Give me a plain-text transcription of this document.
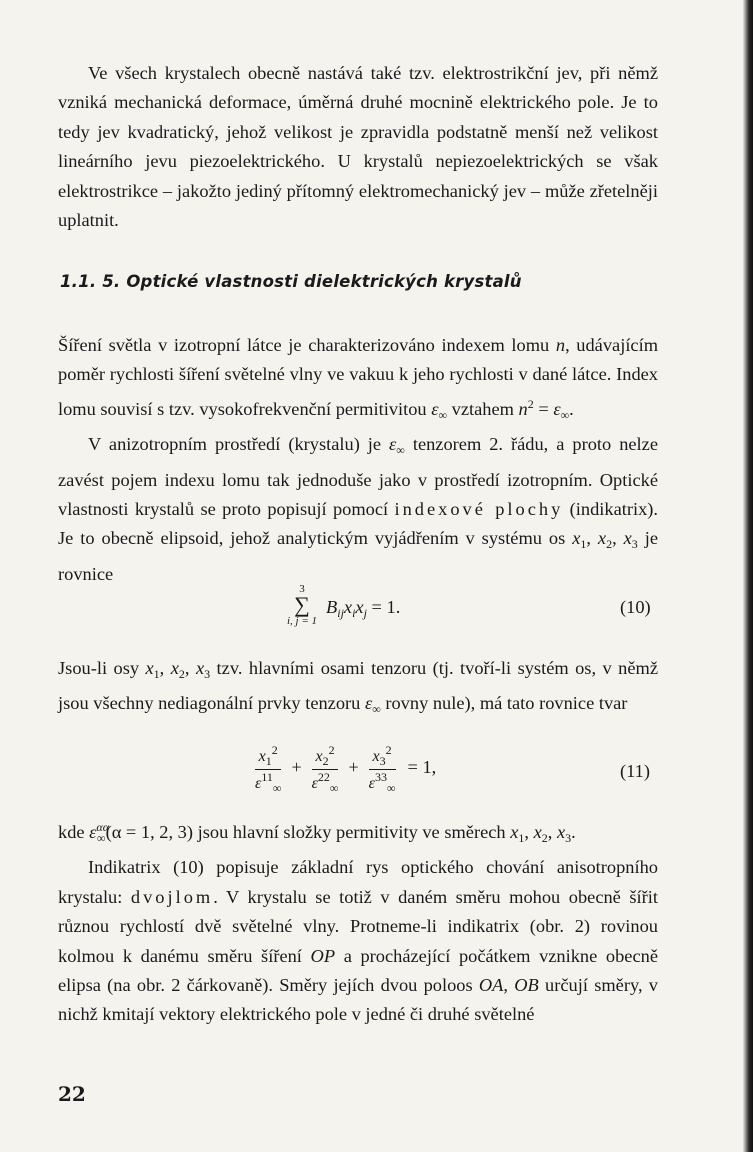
Ve všech krystalech obecně nastává také tzv. elektrostrikční jev, při němž vzniká mechanická deformace, úměrná druhé mocnině elektrického pole. Je to tedy jev kvadratický, jehož velikost je zpravidla podstatně menší než velikost lineárního jevu piezoelektrického. U krystalů nepiezoelektrických se však elektrostrikce – jakožto jediný přítomný elektromechanický jev – může zřetelněji uplatnit.

1.1. 5. Optické vlastnosti dielektrických krystalů

Šíření světla v izotropní látce je charakterizováno indexem lomu n, udávajícím poměr rychlosti šíření světelné vlny ve vakuu k jeho rychlosti v dané látce. Index lomu souvisí s tzv. vysokofrekvenční permitivitou $\varepsilon_\infty$ vztahem $n^2 = \varepsilon_\infty$.

V anizotropním prostředí (krystalu) je $\varepsilon_\infty$ tenzorem 2. řádu, a proto nelze zavést pojem indexu lomu tak jednoduše jako v prostředí izotropním. Optické vlastnosti krystalů se proto popisují pomocí indexové plochy (indikatrix). Je to obecně elipsoid, jehož analytickým vyjádřením v systému os $x_1$, $x_2$, $x_3$ je rovnice

3
∑
i, j = 1
$B_{ij}x_ix_j = 1$.	(10)

Jsou-li osy $x_1$, $x_2$, $x_3$ tzv. hlavními osami tenzoru (tj. tvoří-li systém os, v němž jsou všechny nediagonální prvky tenzoru $\varepsilon_\infty$ rovny nule), má tato rovnice tvar

$\frac{x_1^2}{\varepsilon^{11}_\infty} + \frac{x_2^2}{\varepsilon^{22}_\infty} + \frac{x_3^2}{\varepsilon^{33}_\infty} = 1$,	(11)

kde $\varepsilon^{\alpha\alpha}_\infty(\alpha = 1$, 2, 3) jsou hlavní složky permitivity ve směrech $x_1$, $x_2$, $x_3$.

Indikatrix (10) popisuje základní rys optického chování anisotropního krystalu: dvojlom. V krystalu se totiž v daném směru mohou obecně šířit různou rychlostí dvě světelné vlny. Protneme-li indikatrix (obr. 2) rovinou kolmou k danému směru šíření OP a procházející počátkem vznikne obecně elipsa (na obr. 2 čárkovaně). Směry jejích dvou poloos OA, OB určují směry, v nichž kmitají vektory elektrického pole v jedné či druhé světelné

22
